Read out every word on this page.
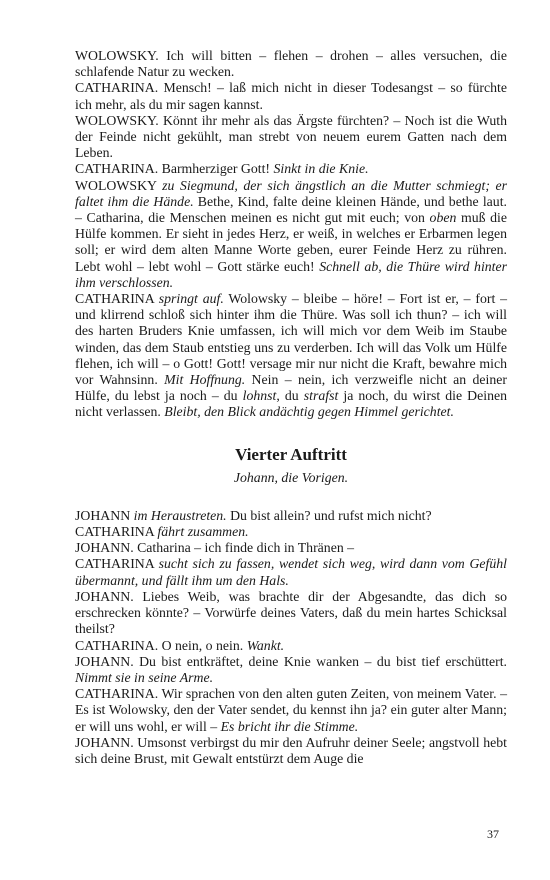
WOLOWSKY. Ich will bitten – flehen – drohen – alles versuchen, die schlafende Natur zu wecken.

CATHARINA. Mensch! – laß mich nicht in dieser Todesangst – so fürchte ich mehr, als du mir sagen kannst.

WOLOWSKY. Könnt ihr mehr als das Ärgste fürchten? – Noch ist die Wuth der Feinde nicht gekühlt, man strebt von neuem eurem Gatten nach dem Leben.

CATHARINA. Barmherziger Gott! Sinkt in die Knie.

WOLOWSKY zu Siegmund, der sich ängstlich an die Mutter schmiegt; er faltet ihm die Hände. Bethe, Kind, falte deine kleinen Hände, und bethe laut. – Catharina, die Menschen meinen es nicht gut mit euch; von oben muß die Hülfe kommen. Er sieht in jedes Herz, er weiß, in welches er Erbarmen legen soll; er wird dem alten Manne Worte geben, eurer Feinde Herz zu rühren. Lebt wohl – lebt wohl – Gott stärke euch! Schnell ab, die Thüre wird hinter ihm verschlossen.

CATHARINA springt auf. Wolowsky – bleibe – höre! – Fort ist er, – fort – und klirrend schloß sich hinter ihm die Thüre. Was soll ich thun? – ich will des harten Bruders Knie umfassen, ich will mich vor dem Weib im Staube winden, das dem Staub entstieg uns zu verderben. Ich will das Volk um Hülfe flehen, ich will – o Gott! Gott! versage mir nur nicht die Kraft, bewahre mich vor Wahnsinn. Mit Hoffnung. Nein – nein, ich verzweifle nicht an deiner Hülfe, du lebst ja noch – du lohnst, du strafst ja noch, du wirst die Deinen nicht verlassen. Bleibt, den Blick andächtig gegen Himmel gerichtet.

Vierter Auftritt
Johann, die Vorigen.

JOHANN im Heraustreten. Du bist allein? und rufst mich nicht?

CATHARINA fährt zusammen.

JOHANN. Catharina – ich finde dich in Thränen –

CATHARINA sucht sich zu fassen, wendet sich weg, wird dann vom Gefühl übermannt, und fällt ihm um den Hals.

JOHANN. Liebes Weib, was brachte dir der Abgesandte, das dich so erschrecken könnte? – Vorwürfe deines Vaters, daß du mein hartes Schicksal theilst?

CATHARINA. O nein, o nein. Wankt.

JOHANN. Du bist entkräftet, deine Knie wanken – du bist tief erschüttert. Nimmt sie in seine Arme.

CATHARINA. Wir sprachen von den alten guten Zeiten, von meinem Vater. – Es ist Wolowsky, den der Vater sendet, du kennst ihn ja? ein guter alter Mann; er will uns wohl, er will – Es bricht ihr die Stimme.

JOHANN. Umsonst verbirgst du mir den Aufruhr deiner Seele; angstvoll hebt sich deine Brust, mit Gewalt entstürzt dem Auge die

37
